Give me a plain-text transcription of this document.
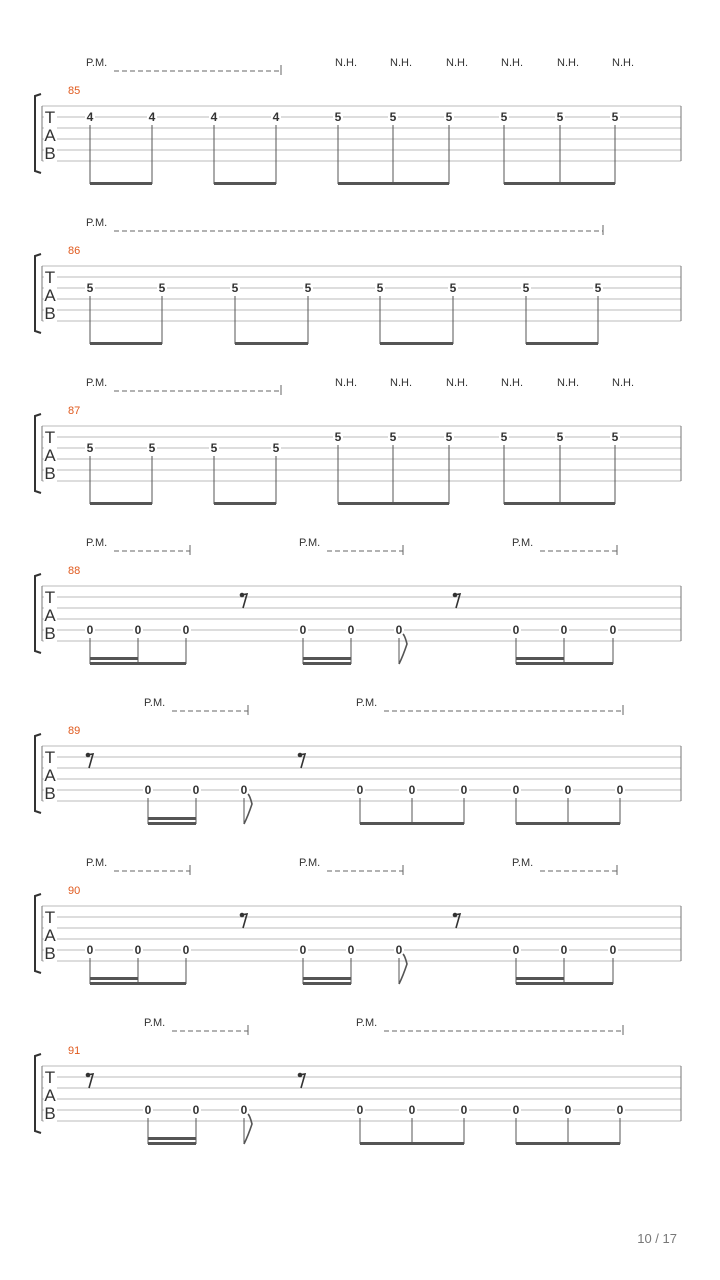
T
A
B
85
4	4	4	4	5	5	5	5	5	5
P.M.	N.H.	N.H.	N.H.	N.H.	N.H.	N.H.
T
A
B
86
5	5	5	5	5	5	5	5
P.M.
T
A
B
87
5	5	5	5
5	5	5	5	5	5
P.M.	N.H.	N.H.	N.H.	N.H.	N.H.	N.H.
T
A
B
88
0	0	0	0	0	0	0	0	0
P.M.	P.M.	P.M.
T
A
B
89
0	0	0	0	0	0	0	0	0
P.M.	P.M.
T
A
B
90
0	0	0	0	0	0	0	0	0
P.M.	P.M.	P.M.
T
A
B
91
0	0	0	0	0	0	0	0	0
P.M.	P.M.
10 / 17
